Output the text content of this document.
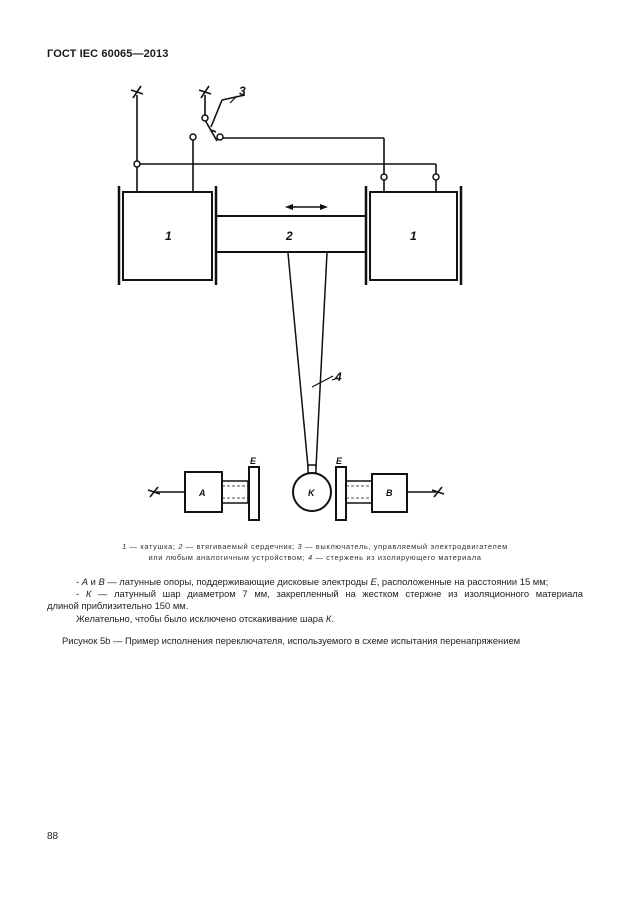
ГОСТ IEC 60065—2013
1	2	1
3
4
E	E
A	K	B
1 — катушка; 2 — втягиваемый сердечник; 3 — выключатель, управляемый электродвигателем
или любым аналогичным устройством; 4 — стержень из изолирующего материала
- А и В — латунные опоры, поддерживающие дисковые электроды Е, расположенные на расстоянии 15 мм;
- К — латунный шар диаметром 7 мм, закрепленный на жестком стержне из изоляционного материала
длиной приблизительно 150 мм.
Желательно, чтобы было исключено отскакивание шара К.
Рисунок 5b — Пример исполнения переключателя, используемого в схеме испытания перенапряжением
88
